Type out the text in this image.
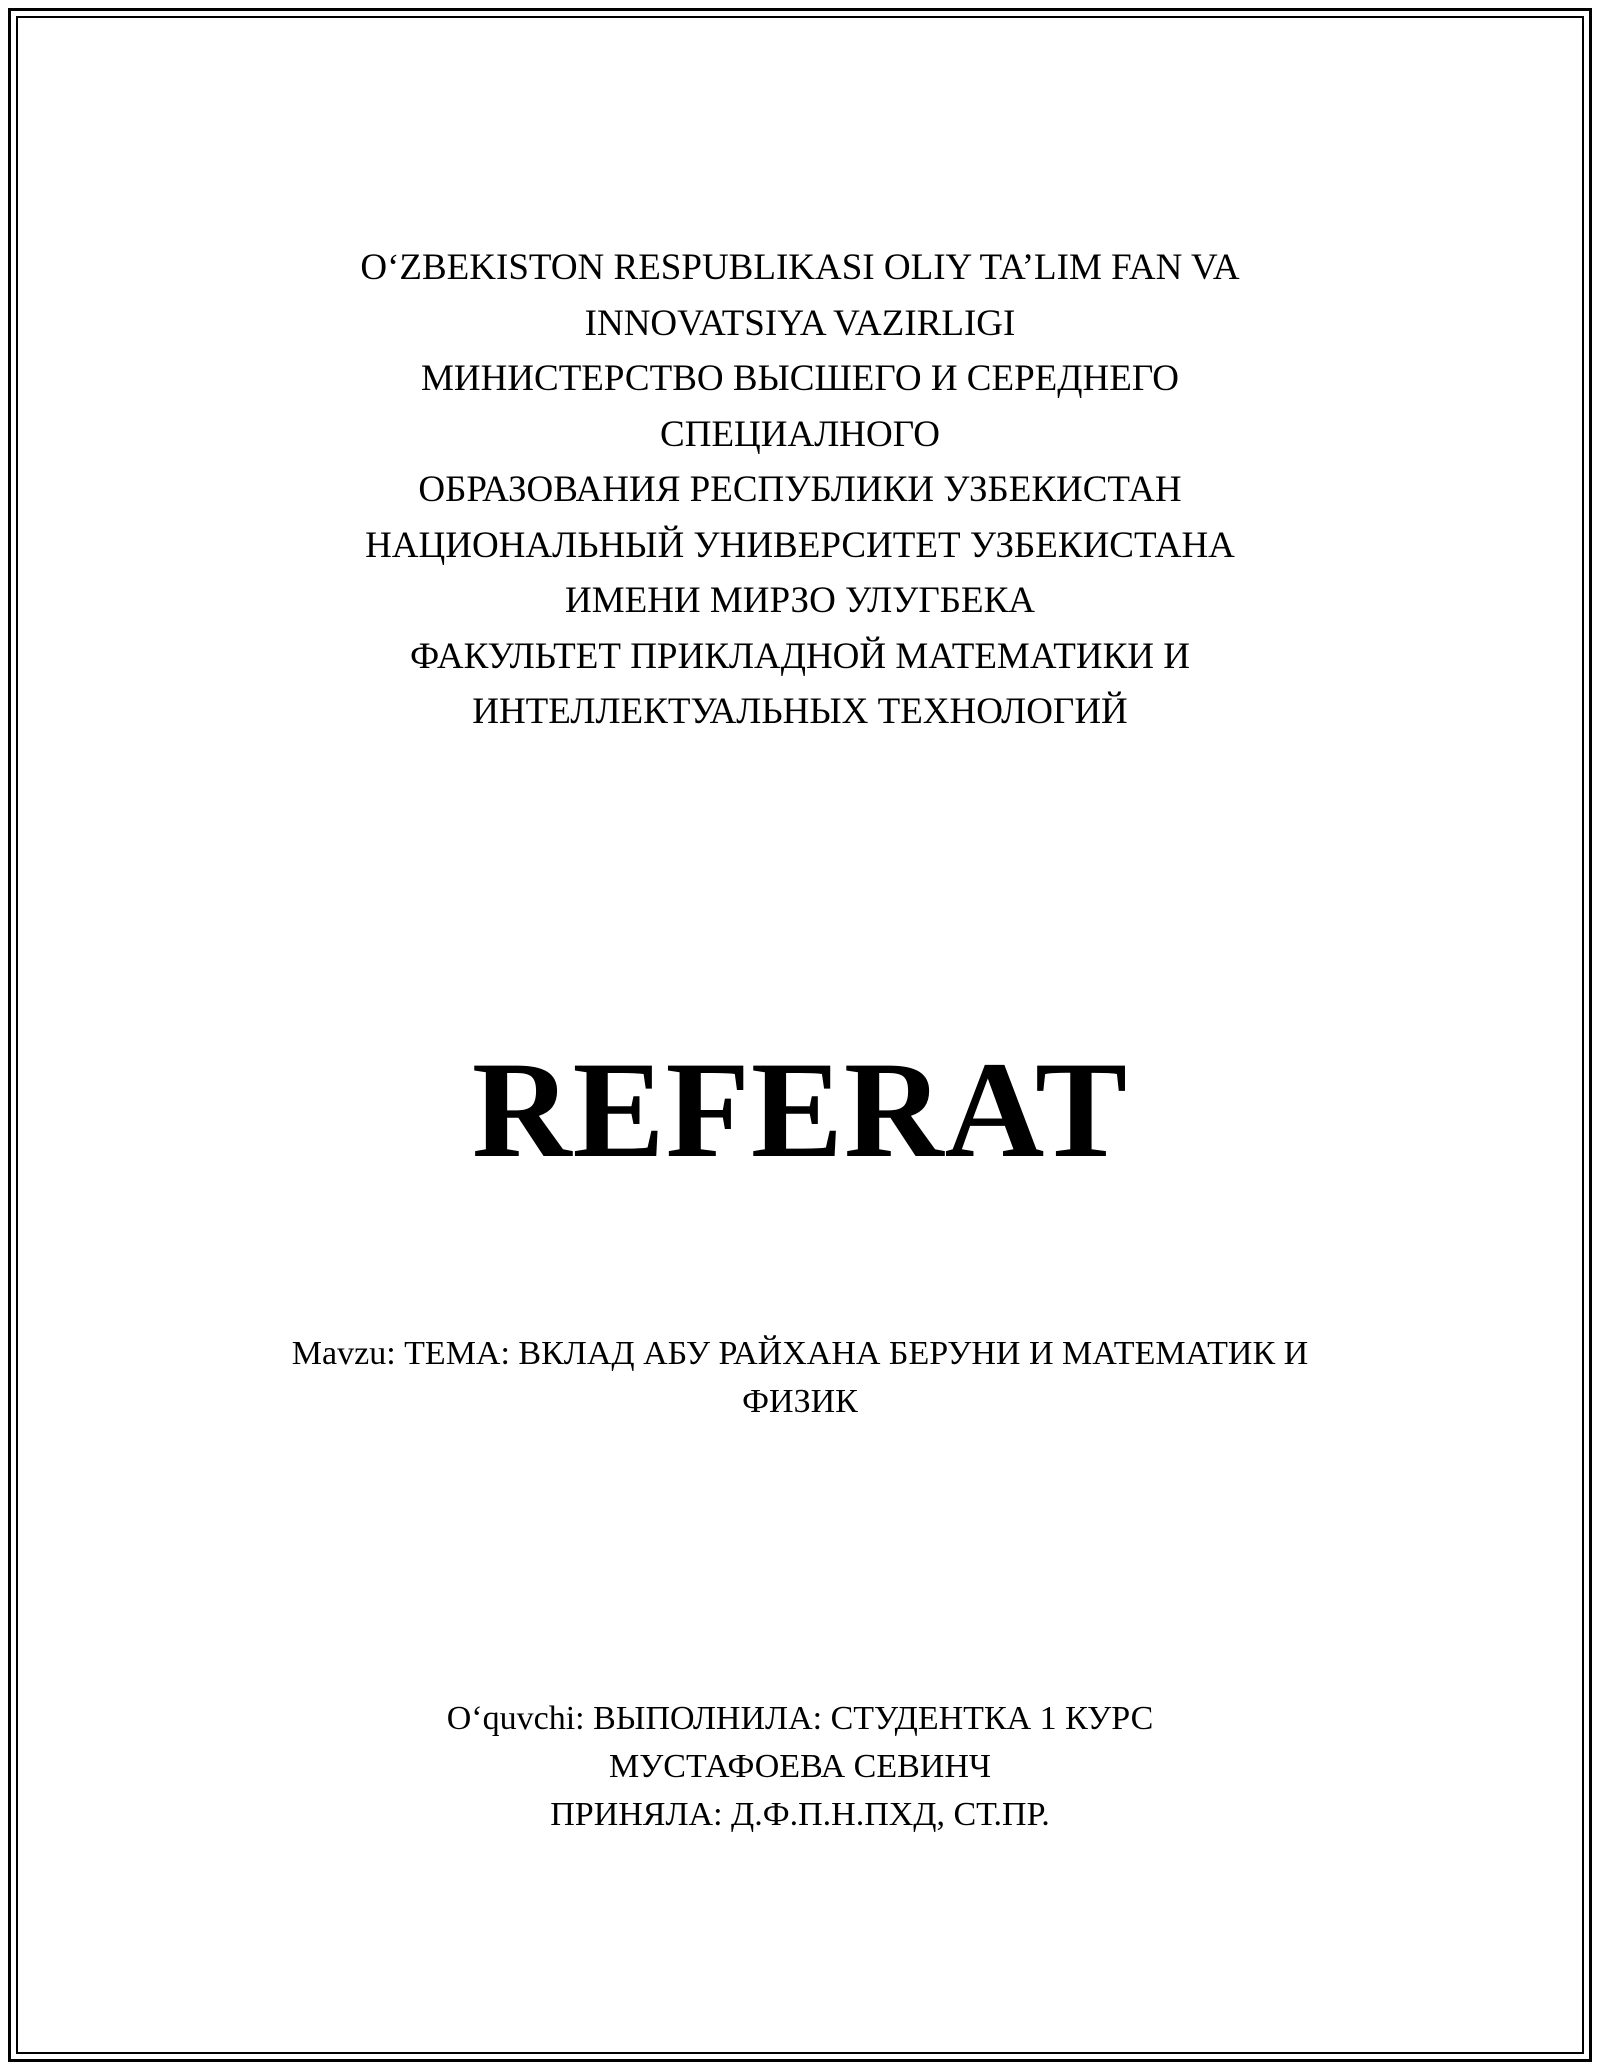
O‘ZBEKISTON RESPUBLIKASI OLIY TA’LIM FAN VA
INNOVATSIYA VAZIRLIGI
МИНИСТЕРСТВО ВЫСШЕГО И СЕРЕДНЕГО
СПЕЦИАЛНОГО
ОБРАЗОВАНИЯ РЕСПУБЛИКИ УЗБЕКИСТАН
НАЦИОНАЛЬНЫЙ УНИВЕРСИТЕТ УЗБЕКИСТАНА
ИМЕНИ МИРЗО УЛУГБЕКА
ФАКУЛЬТЕТ ПРИКЛАДНОЙ МАТЕМАТИКИ И
ИНТЕЛЛЕКТУАЛЬНЫХ ТЕХНОЛОГИЙ
REFERAT
Mavzu: ТЕМА: ВКЛАД АБУ РАЙХАНА БЕРУНИ И МАТЕМАТИК И
ФИЗИК
O‘quvchi: ВЫПОЛНИЛА: СТУДЕНТКА 1 КУРС
МУСТАФОЕВА СЕВИНЧ
ПРИНЯЛА: Д.Ф.П.Н.ПХД, СТ.ПР.
